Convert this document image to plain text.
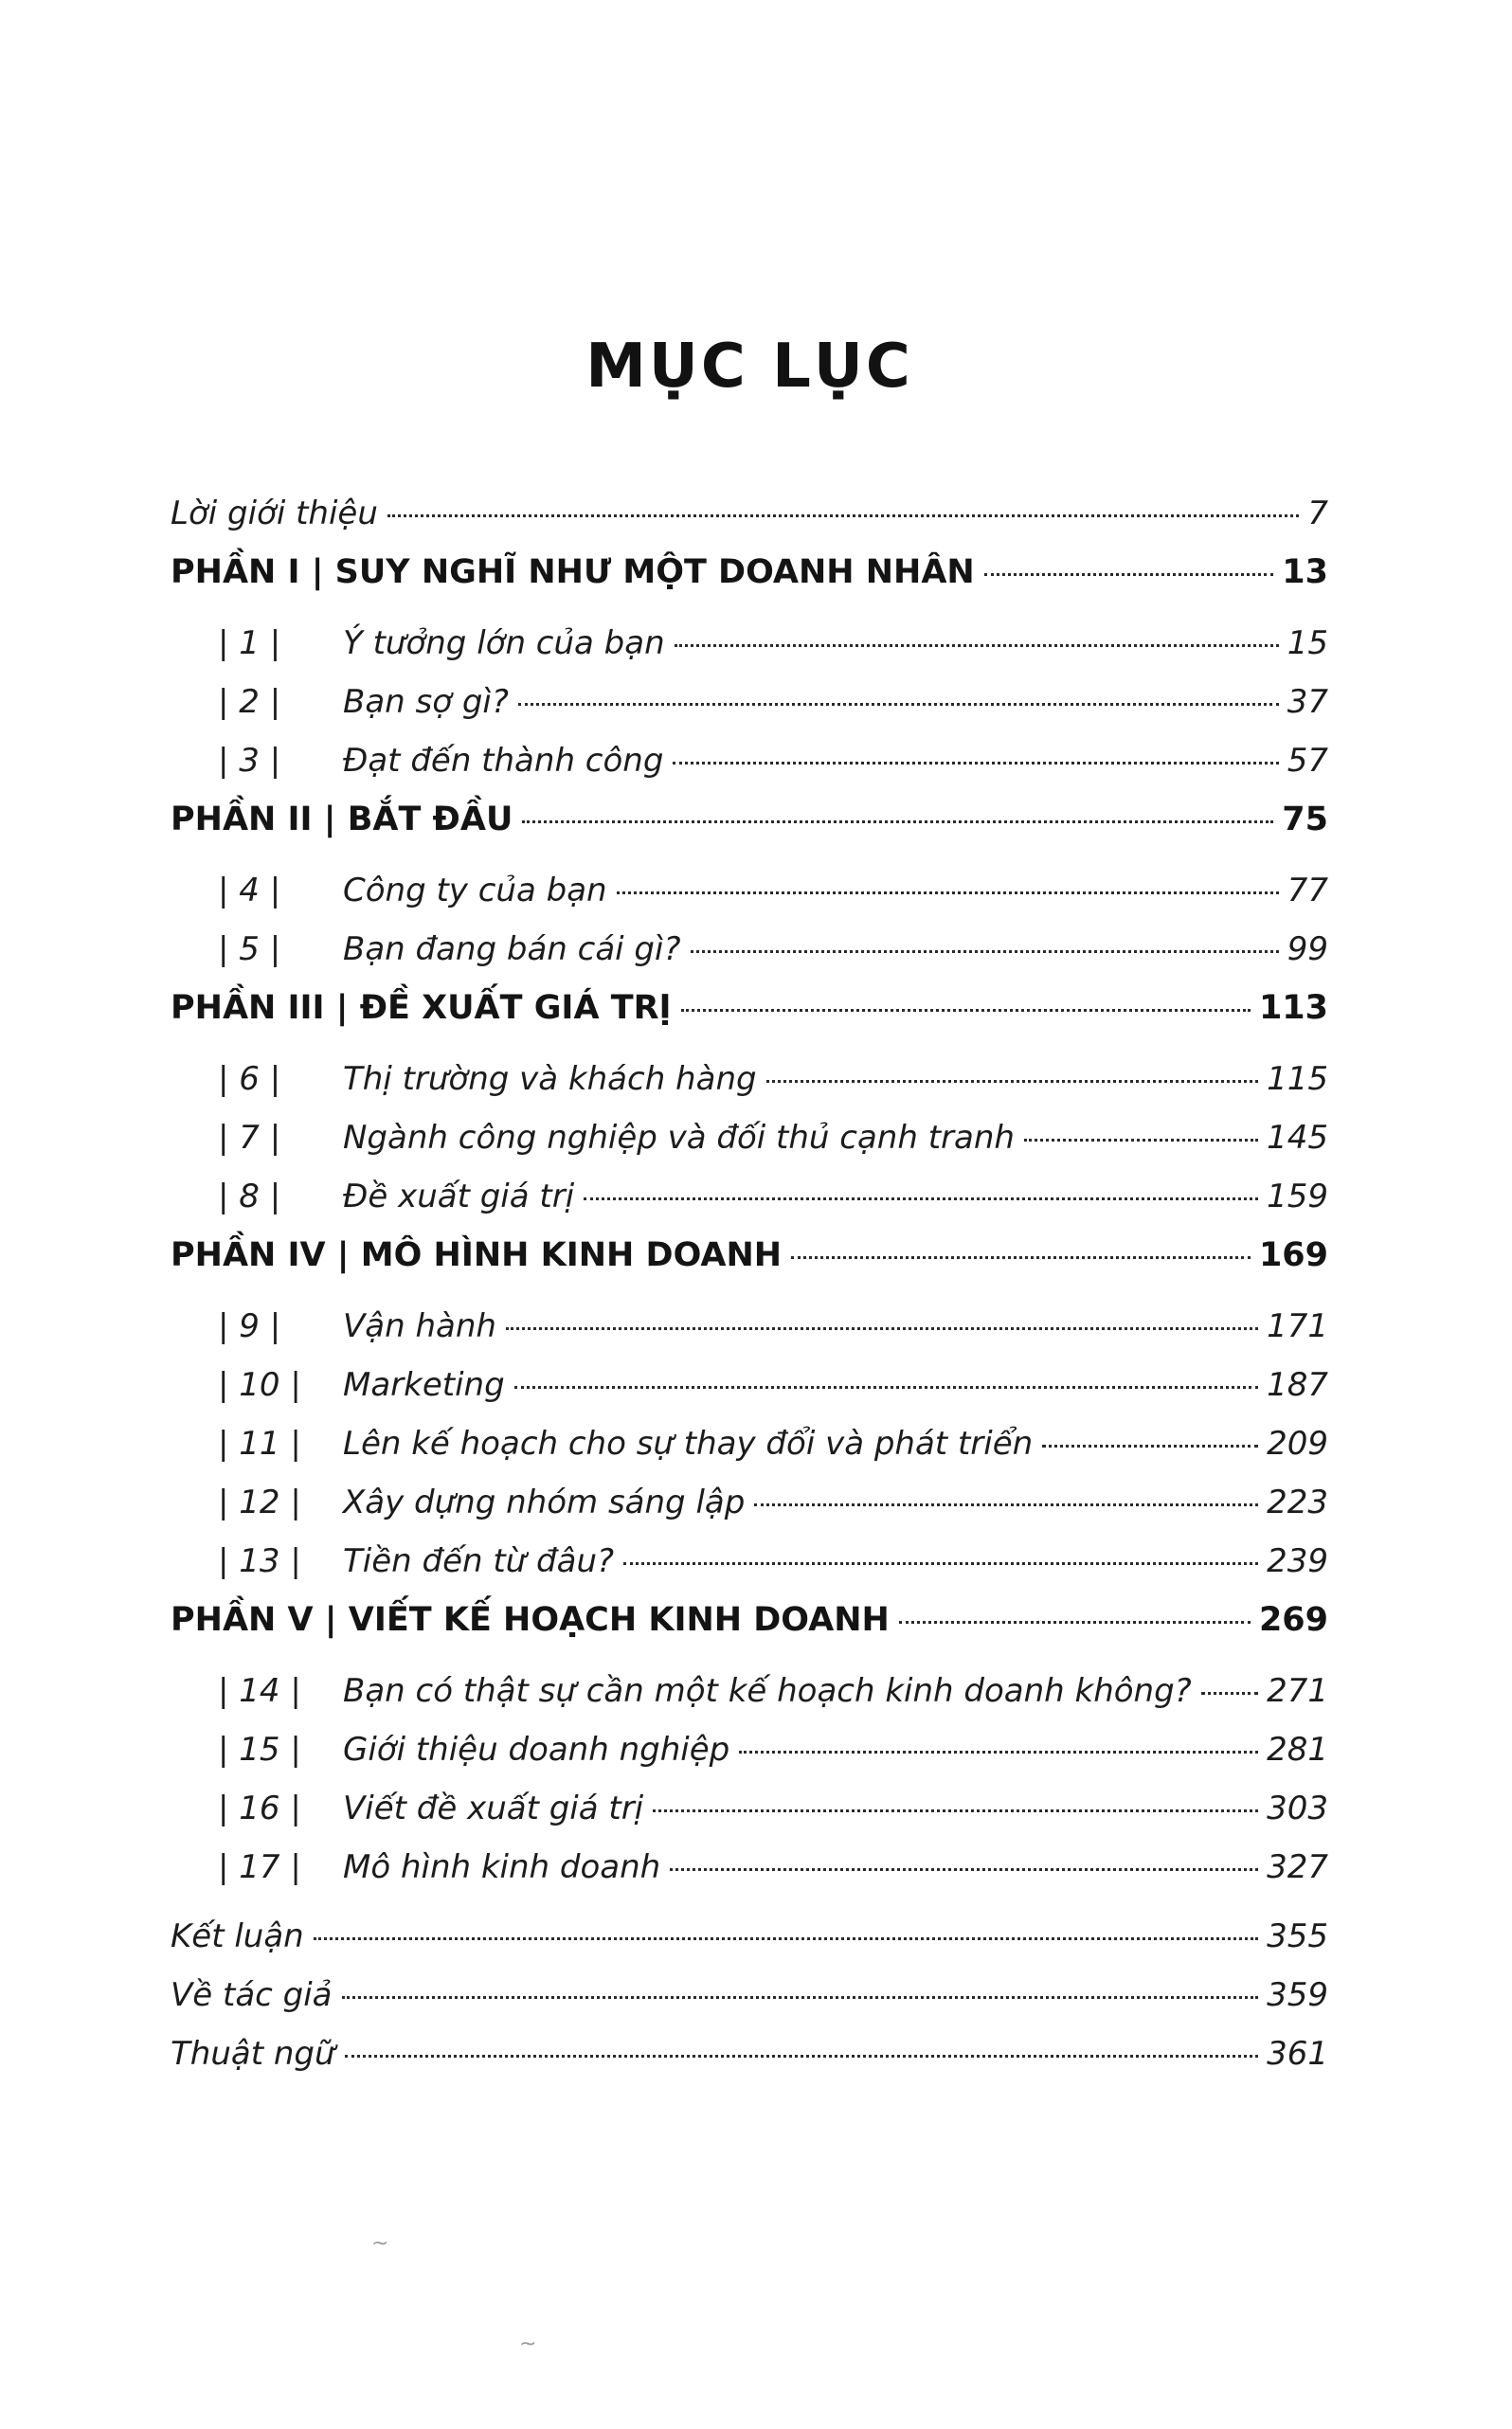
MỤC LỤC
Lời giới thiệu	7
PHẦN I | SUY NGHĨ NHƯ MỘT DOANH NHÂN	13
| 1 |	Ý tưởng lớn của bạn	15
| 2 |	Bạn sợ gì?	37
| 3 |	Đạt đến thành công	57
PHẦN II | BẮT ĐẦU	75
| 4 |	Công ty của bạn	77
| 5 |	Bạn đang bán cái gì?	99
PHẦN III | ĐỀ XUẤT GIÁ TRỊ	113
| 6 |	Thị trường và khách hàng	115
| 7 |	Ngành công nghiệp và đối thủ cạnh tranh	145
| 8 |	Đề xuất giá trị	159
PHẦN IV | MÔ HÌNH KINH DOANH	169
| 9 |	Vận hành	171
| 10 |	Marketing	187
| 11 |	Lên kế hoạch cho sự thay đổi và phát triển	209
| 12 |	Xây dựng nhóm sáng lập	223
| 13 |	Tiền đến từ đâu?	239
PHẦN V | VIẾT KẾ HOẠCH KINH DOANH	269
| 14 |	Bạn có thật sự cần một kế hoạch kinh doanh không? 271
| 15 |	Giới thiệu doanh nghiệp	281
| 16 |	Viết đề xuất giá trị	303
| 17 |	Mô hình kinh doanh	327
Kết luận	355
Về tác giả	359
Thuật ngữ	361
~
~
